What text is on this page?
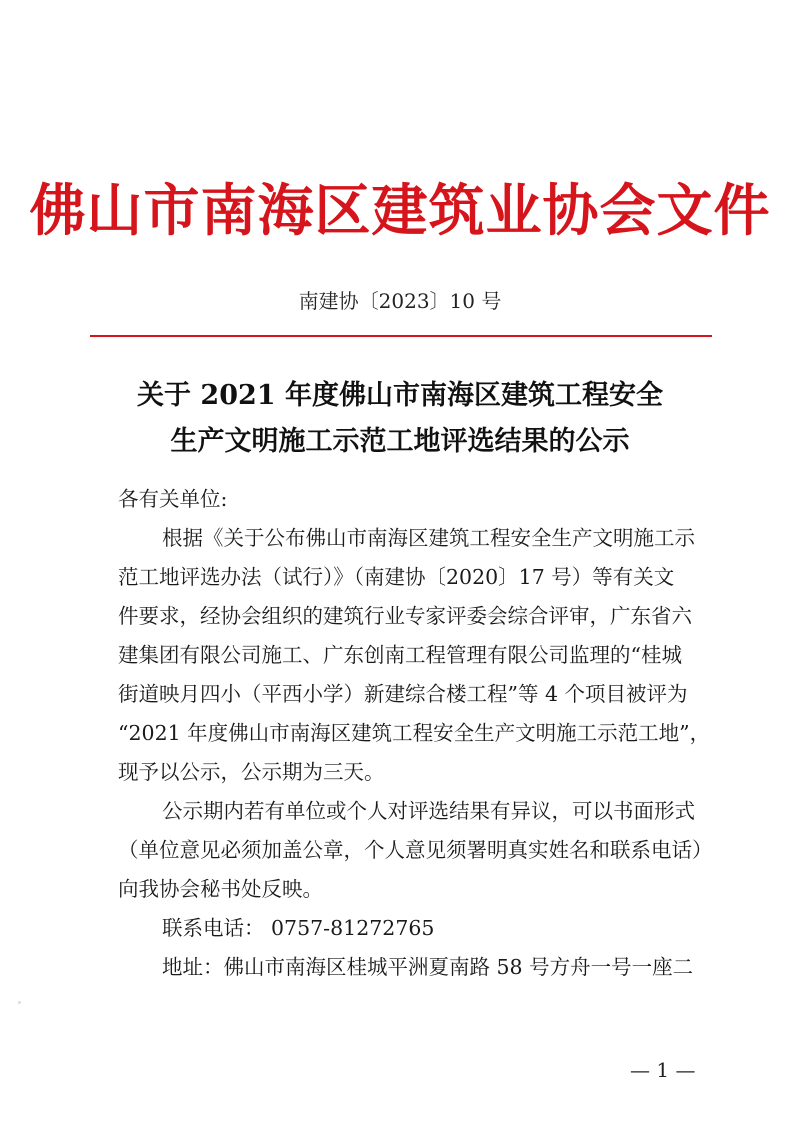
佛山市南海区建筑业协会文件
南建协〔2023〕10 号
关于 2021 年度佛山市南海区建筑工程安全
生产文明施工示范工地评选结果的公示

各有关单位:

根据《关于公布佛山市南海区建筑工程安全生产文明施工示

范工地评选办法（试行）》（南建协〔2020〕17 号）等有关文

件要求，经协会组织的建筑行业专家评委会综合评审，广东省六

建集团有限公司施工、广东创南工程管理有限公司监理的“桂城

街道映月四小（平西小学）新建综合楼工程”等 4 个项目被评为

“2021 年度佛山市南海区建筑工程安全生产文明施工示范工地”，

现予以公示，公示期为三天。

公示期内若有单位或个人对评选结果有异议，可以书面形式

（单位意见必须加盖公章，个人意见须署明真实姓名和联系电话）

向我协会秘书处反映。

联系电话： 0757-81272765

地址：佛山市南海区桂城平洲夏南路 58 号方舟一号一座二

— 1 —
